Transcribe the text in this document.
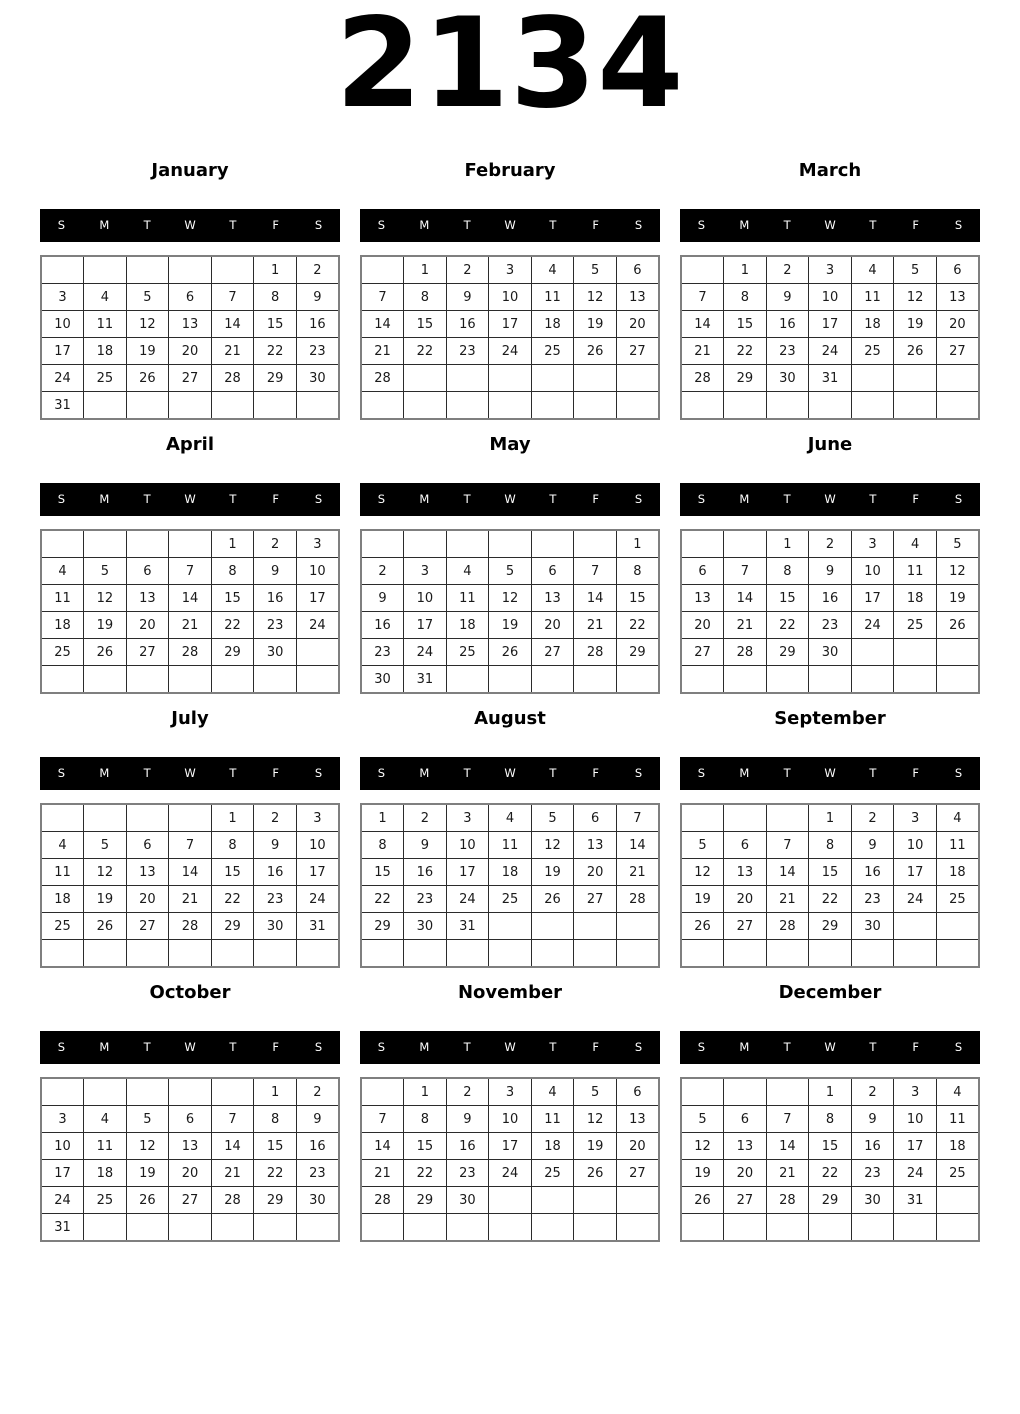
2134
January
S	M	T	W	T	F	S
					1	2
3	4	5	6	7	8	9
10	11	12	13	14	15	16
17	18	19	20	21	22	23
24	25	26	27	28	29	30
31						
February
S	M	T	W	T	F	S
	1	2	3	4	5	6
7	8	9	10	11	12	13
14	15	16	17	18	19	20
21	22	23	24	25	26	27
28						

March
S	M	T	W	T	F	S
	1	2	3	4	5	6
7	8	9	10	11	12	13
14	15	16	17	18	19	20
21	22	23	24	25	26	27
28	29	30	31			

April
S	M	T	W	T	F	S
				1	2	3
4	5	6	7	8	9	10
11	12	13	14	15	16	17
18	19	20	21	22	23	24
25	26	27	28	29	30	

May
S	M	T	W	T	F	S
						1
2	3	4	5	6	7	8
9	10	11	12	13	14	15
16	17	18	19	20	21	22
23	24	25	26	27	28	29
30	31					
June
S	M	T	W	T	F	S
		1	2	3	4	5
6	7	8	9	10	11	12
13	14	15	16	17	18	19
20	21	22	23	24	25	26
27	28	29	30			

July
S	M	T	W	T	F	S
				1	2	3
4	5	6	7	8	9	10
11	12	13	14	15	16	17
18	19	20	21	22	23	24
25	26	27	28	29	30	31

August
S	M	T	W	T	F	S
1	2	3	4	5	6	7
8	9	10	11	12	13	14
15	16	17	18	19	20	21
22	23	24	25	26	27	28
29	30	31				

September
S	M	T	W	T	F	S
			1	2	3	4
5	6	7	8	9	10	11
12	13	14	15	16	17	18
19	20	21	22	23	24	25
26	27	28	29	30		

October
S	M	T	W	T	F	S
					1	2
3	4	5	6	7	8	9
10	11	12	13	14	15	16
17	18	19	20	21	22	23
24	25	26	27	28	29	30
31						
November
S	M	T	W	T	F	S
	1	2	3	4	5	6
7	8	9	10	11	12	13
14	15	16	17	18	19	20
21	22	23	24	25	26	27
28	29	30				

December
S	M	T	W	T	F	S
			1	2	3	4
5	6	7	8	9	10	11
12	13	14	15	16	17	18
19	20	21	22	23	24	25
26	27	28	29	30	31	
